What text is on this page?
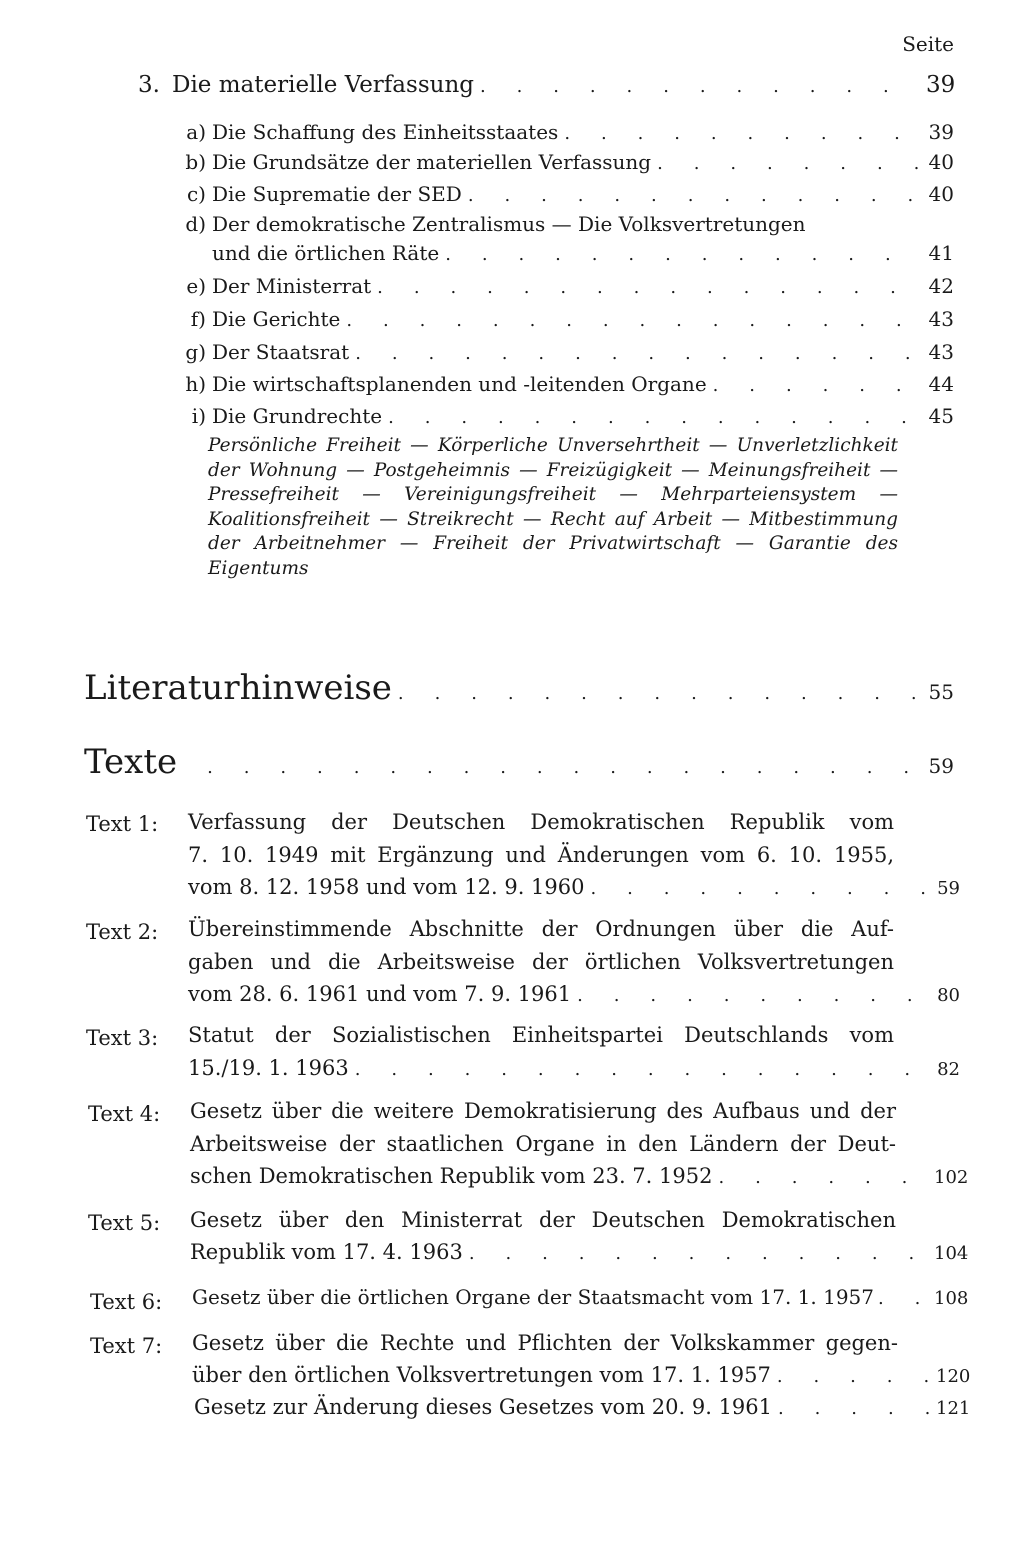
Seite
3. Die materielle Verfassung . . .	39
a) Die Schaffung des Einheitsstaates . . .	39
b) Die Grundsätze der materiellen Verfassung . . .	40
c) Die Suprematie der SED . . .	40
d) Der demokratische Zentralismus — Die Volksvertretungen
und die örtlichen Räte . . .	41
e) Der Ministerrat . . .	42
f) Die Gerichte . . .	43
g) Der Staatsrat . . .	43
h) Die wirtschaftsplanenden und -leitenden Organe . . .	44
i) Die Grundrechte . . .	45
Persönliche Freiheit — Körperliche Unversehrtheit — Unverletzlichkeit der Wohnung — Postgeheimnis — Freizügigkeit — Meinungsfreiheit — Pressefreiheit — Vereinigungsfreiheit — Mehrparteiensystem — Koalitionsfreiheit — Streikrecht — Recht auf Arbeit — Mitbestimmung der Arbeitnehmer — Freiheit der Privatwirtschaft — Garantie des Eigentums
Literaturhinweise . . .	55
Texte . . .	59
Text 1: Verfassung der Deutschen Demokratischen Republik vom
7. 10. 1949 mit Ergänzung und Änderungen vom 6. 10. 1955,
vom 8. 12. 1958 und vom 12. 9. 1960 . . .	59
Text 2: Übereinstimmende Abschnitte der Ordnungen über die Auf-
gaben und die Arbeitsweise der örtlichen Volksvertretungen
vom 28. 6. 1961 und vom 7. 9. 1961 . . .	80
Text 3: Statut der Sozialistischen Einheitspartei Deutschlands vom
15./19. 1. 1963 . . .	82
Text 4: Gesetz über die weitere Demokratisierung des Aufbaus und der
Arbeitsweise der staatlichen Organe in den Ländern der Deut-
schen Demokratischen Republik vom 23. 7. 1952 . . .	102
Text 5: Gesetz über den Ministerrat der Deutschen Demokratischen
Republik vom 17. 4. 1963 . . .	104
Text 6: Gesetz über die örtlichen Organe der Staatsmacht vom 17. 1. 1957 . . .	108
Text 7: Gesetz über die Rechte und Pflichten der Volkskammer gegen-
über den örtlichen Volksvertretungen vom 17. 1. 1957 . . .	120
Gesetz zur Änderung dieses Gesetzes vom 20. 9. 1961 . . .	121
